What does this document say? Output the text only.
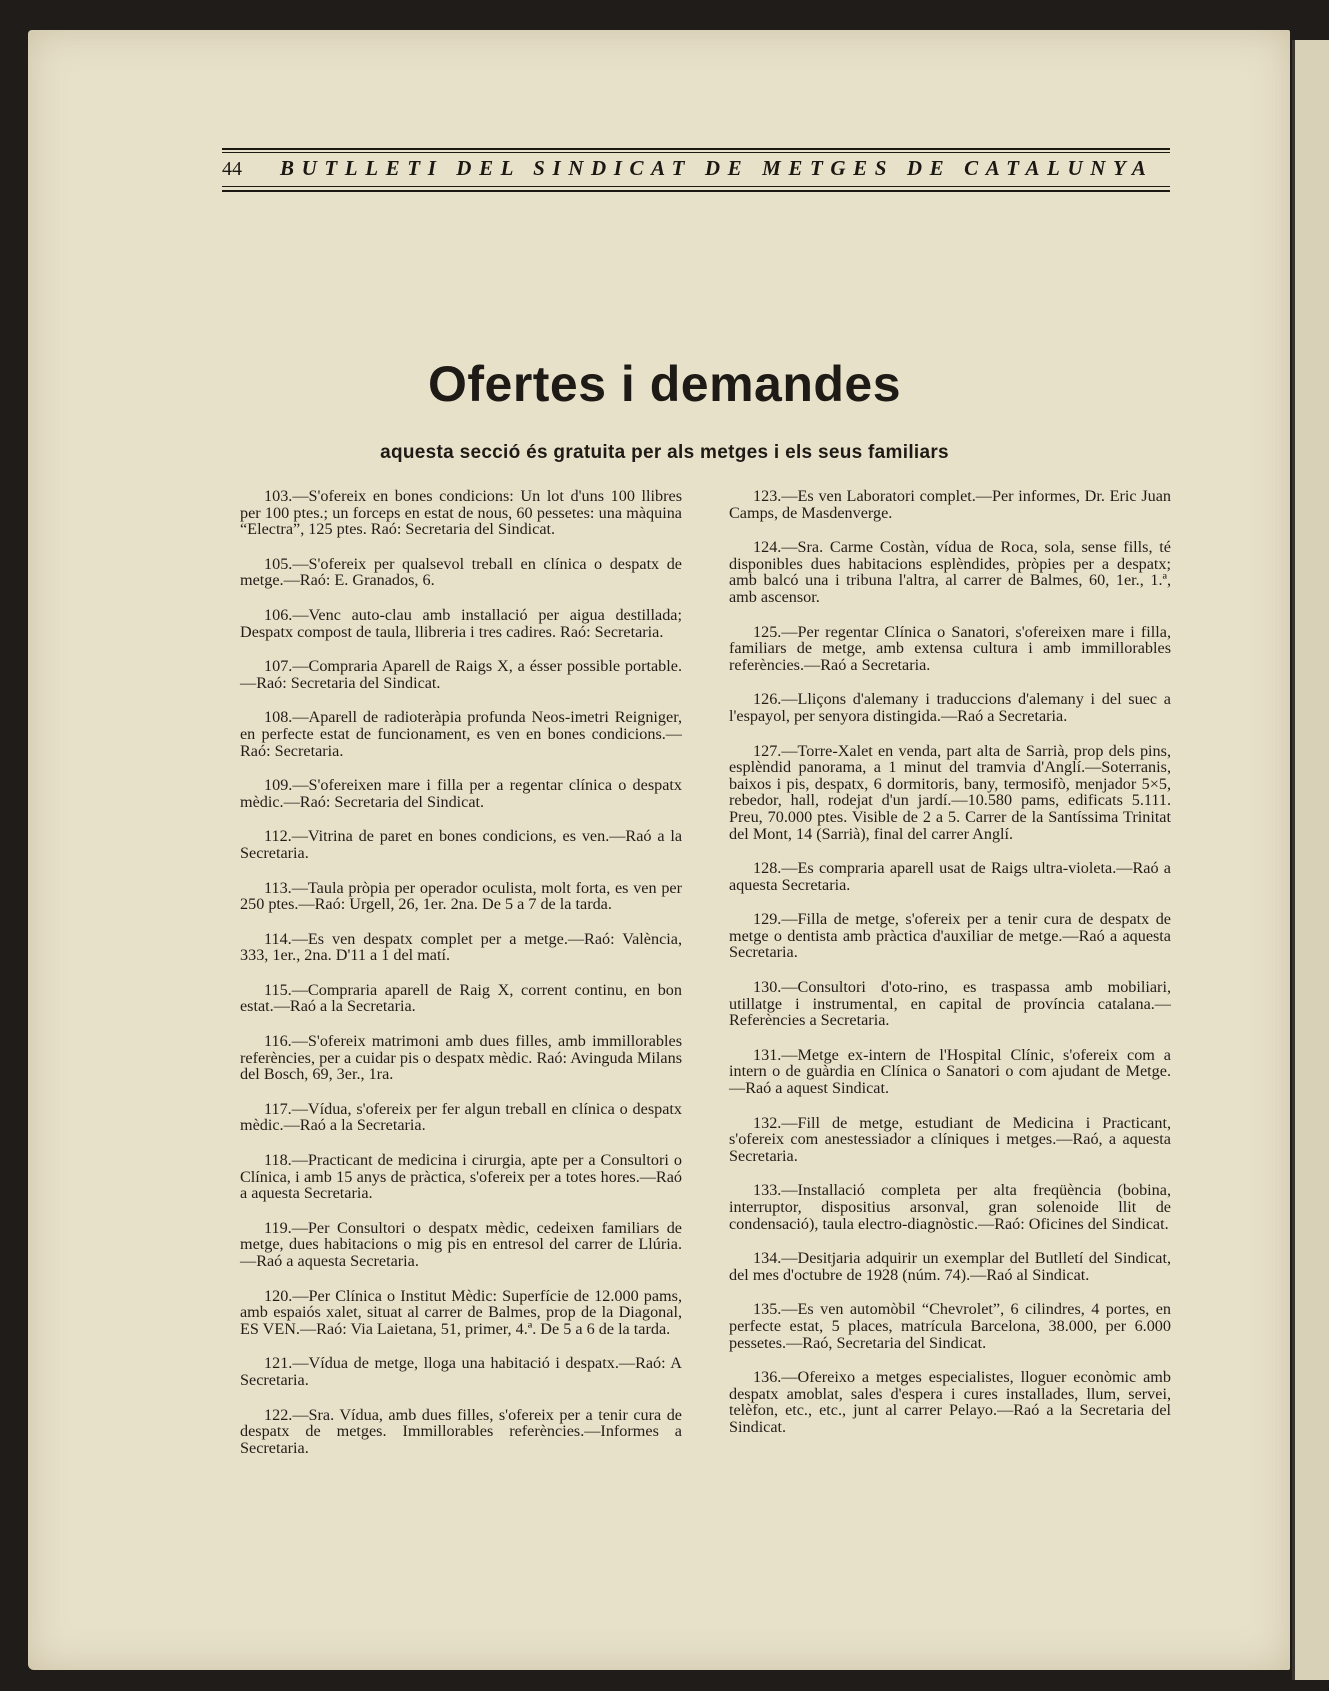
44 BUTLLETI DEL SINDICAT DE METGES DE CATALUNYA
Ofertes i demandes
aquesta secció és gratuita per als metges i els seus familiars

103.—S'ofereix en bones condicions: Un lot d'uns 100 llibres per 100 ptes.; un forceps en estat de nous, 60 pessetes: una màquina “Electra”, 125 ptes. Raó: Secretaria del Sindicat.

105.—S'ofereix per qualsevol treball en clínica o despatx de metge.—Raó: E. Granados, 6.

106.—Venc auto-clau amb installació per aigua destillada; Despatx compost de taula, llibreria i tres cadires. Raó: Secretaria.

107.—Compraria Aparell de Raigs X, a ésser possible portable.—Raó: Secretaria del Sindicat.

108.—Aparell de radioteràpia profunda Neos-imetri Reigniger, en perfecte estat de funcionament, es ven en bones condicions.—Raó: Secretaria.

109.—S'ofereixen mare i filla per a regentar clínica o despatx mèdic.—Raó: Secretaria del Sindicat.

112.—Vitrina de paret en bones condicions, es ven.—Raó a la Secretaria.

113.—Taula pròpia per operador oculista, molt forta, es ven per 250 ptes.—Raó: Urgell, 26, 1er. 2na. De 5 a 7 de la tarda.

114.—Es ven despatx complet per a metge.—Raó: València, 333, 1er., 2na. D'11 a 1 del matí.

115.—Compraria aparell de Raig X, corrent continu, en bon estat.—Raó a la Secretaria.

116.—S'ofereix matrimoni amb dues filles, amb immillorables referències, per a cuidar pis o despatx mèdic. Raó: Avinguda Milans del Bosch, 69, 3er., 1ra.

117.—Vídua, s'ofereix per fer algun treball en clínica o despatx mèdic.—Raó a la Secretaria.

118.—Practicant de medicina i cirurgia, apte per a Consultori o Clínica, i amb 15 anys de pràctica, s'ofereix per a totes hores.—Raó a aquesta Secretaria.

119.—Per Consultori o despatx mèdic, cedeixen familiars de metge, dues habitacions o mig pis en entresol del carrer de Llúria.—Raó a aquesta Secretaria.

120.—Per Clínica o Institut Mèdic: Superfície de 12.000 pams, amb espaiós xalet, situat al carrer de Balmes, prop de la Diagonal, ES VEN.—Raó: Via Laietana, 51, primer, 4.ª. De 5 a 6 de la tarda.

121.—Vídua de metge, lloga una habitació i despatx.—Raó: A Secretaria.

122.—Sra. Vídua, amb dues filles, s'ofereix per a tenir cura de despatx de metges. Immillorables referències.—Informes a Secretaria.

123.—Es ven Laboratori complet.—Per informes, Dr. Eric Juan Camps, de Masdenverge.

124.—Sra. Carme Costàn, vídua de Roca, sola, sense fills, té disponibles dues habitacions esplèndides, pròpies per a despatx; amb balcó una i tribuna l'altra, al carrer de Balmes, 60, 1er., 1.ª, amb ascensor.

125.—Per regentar Clínica o Sanatori, s'ofereixen mare i filla, familiars de metge, amb extensa cultura i amb immillorables referències.—Raó a Secretaria.

126.—Lliçons d'alemany i traduccions d'alemany i del suec a l'espayol, per senyora distingida.—Raó a Secretaria.

127.—Torre-Xalet en venda, part alta de Sarrià, prop dels pins, esplèndid panorama, a 1 minut del tramvia d'Anglí.—Soterranis, baixos i pis, despatx, 6 dormitoris, bany, termosifò, menjador 5×5, rebedor, hall, rodejat d'un jardí.—10.580 pams, edificats 5.111. Preu, 70.000 ptes. Visible de 2 a 5. Carrer de la Santíssima Trinitat del Mont, 14 (Sarrià), final del carrer Anglí.

128.—Es compraria aparell usat de Raigs ultra-violeta.—Raó a aquesta Secretaria.

129.—Filla de metge, s'ofereix per a tenir cura de despatx de metge o dentista amb pràctica d'auxiliar de metge.—Raó a aquesta Secretaria.

130.—Consultori d'oto-rino, es traspassa amb mobiliari, utillatge i instrumental, en capital de província catalana.—Referències a Secretaria.

131.—Metge ex-intern de l'Hospital Clínic, s'ofereix com a intern o de guàrdia en Clínica o Sanatori o com ajudant de Metge.—Raó a aquest Sindicat.

132.—Fill de metge, estudiant de Medicina i Practicant, s'ofereix com anestessiador a clíniques i metges.—Raó, a aquesta Secretaria.

133.—Installació completa per alta freqüència (bobina, interruptor, dispositius arsonval, gran solenoide llit de condensació), taula electro-diagnòstic.—Raó: Oficines del Sindicat.

134.—Desitjaria adquirir un exemplar del Butlletí del Sindicat, del mes d'octubre de 1928 (núm. 74).—Raó al Sindicat.

135.—Es ven automòbil “Chevrolet”, 6 cilindres, 4 portes, en perfecte estat, 5 places, matrícula Barcelona, 38.000, per 6.000 pessetes.—Raó, Secretaria del Sindicat.

136.—Ofereixo a metges especialistes, lloguer econòmic amb despatx amoblat, sales d'espera i cures installades, llum, servei, telèfon, etc., etc., junt al carrer Pelayo.—Raó a la Secretaria del Sindicat.
